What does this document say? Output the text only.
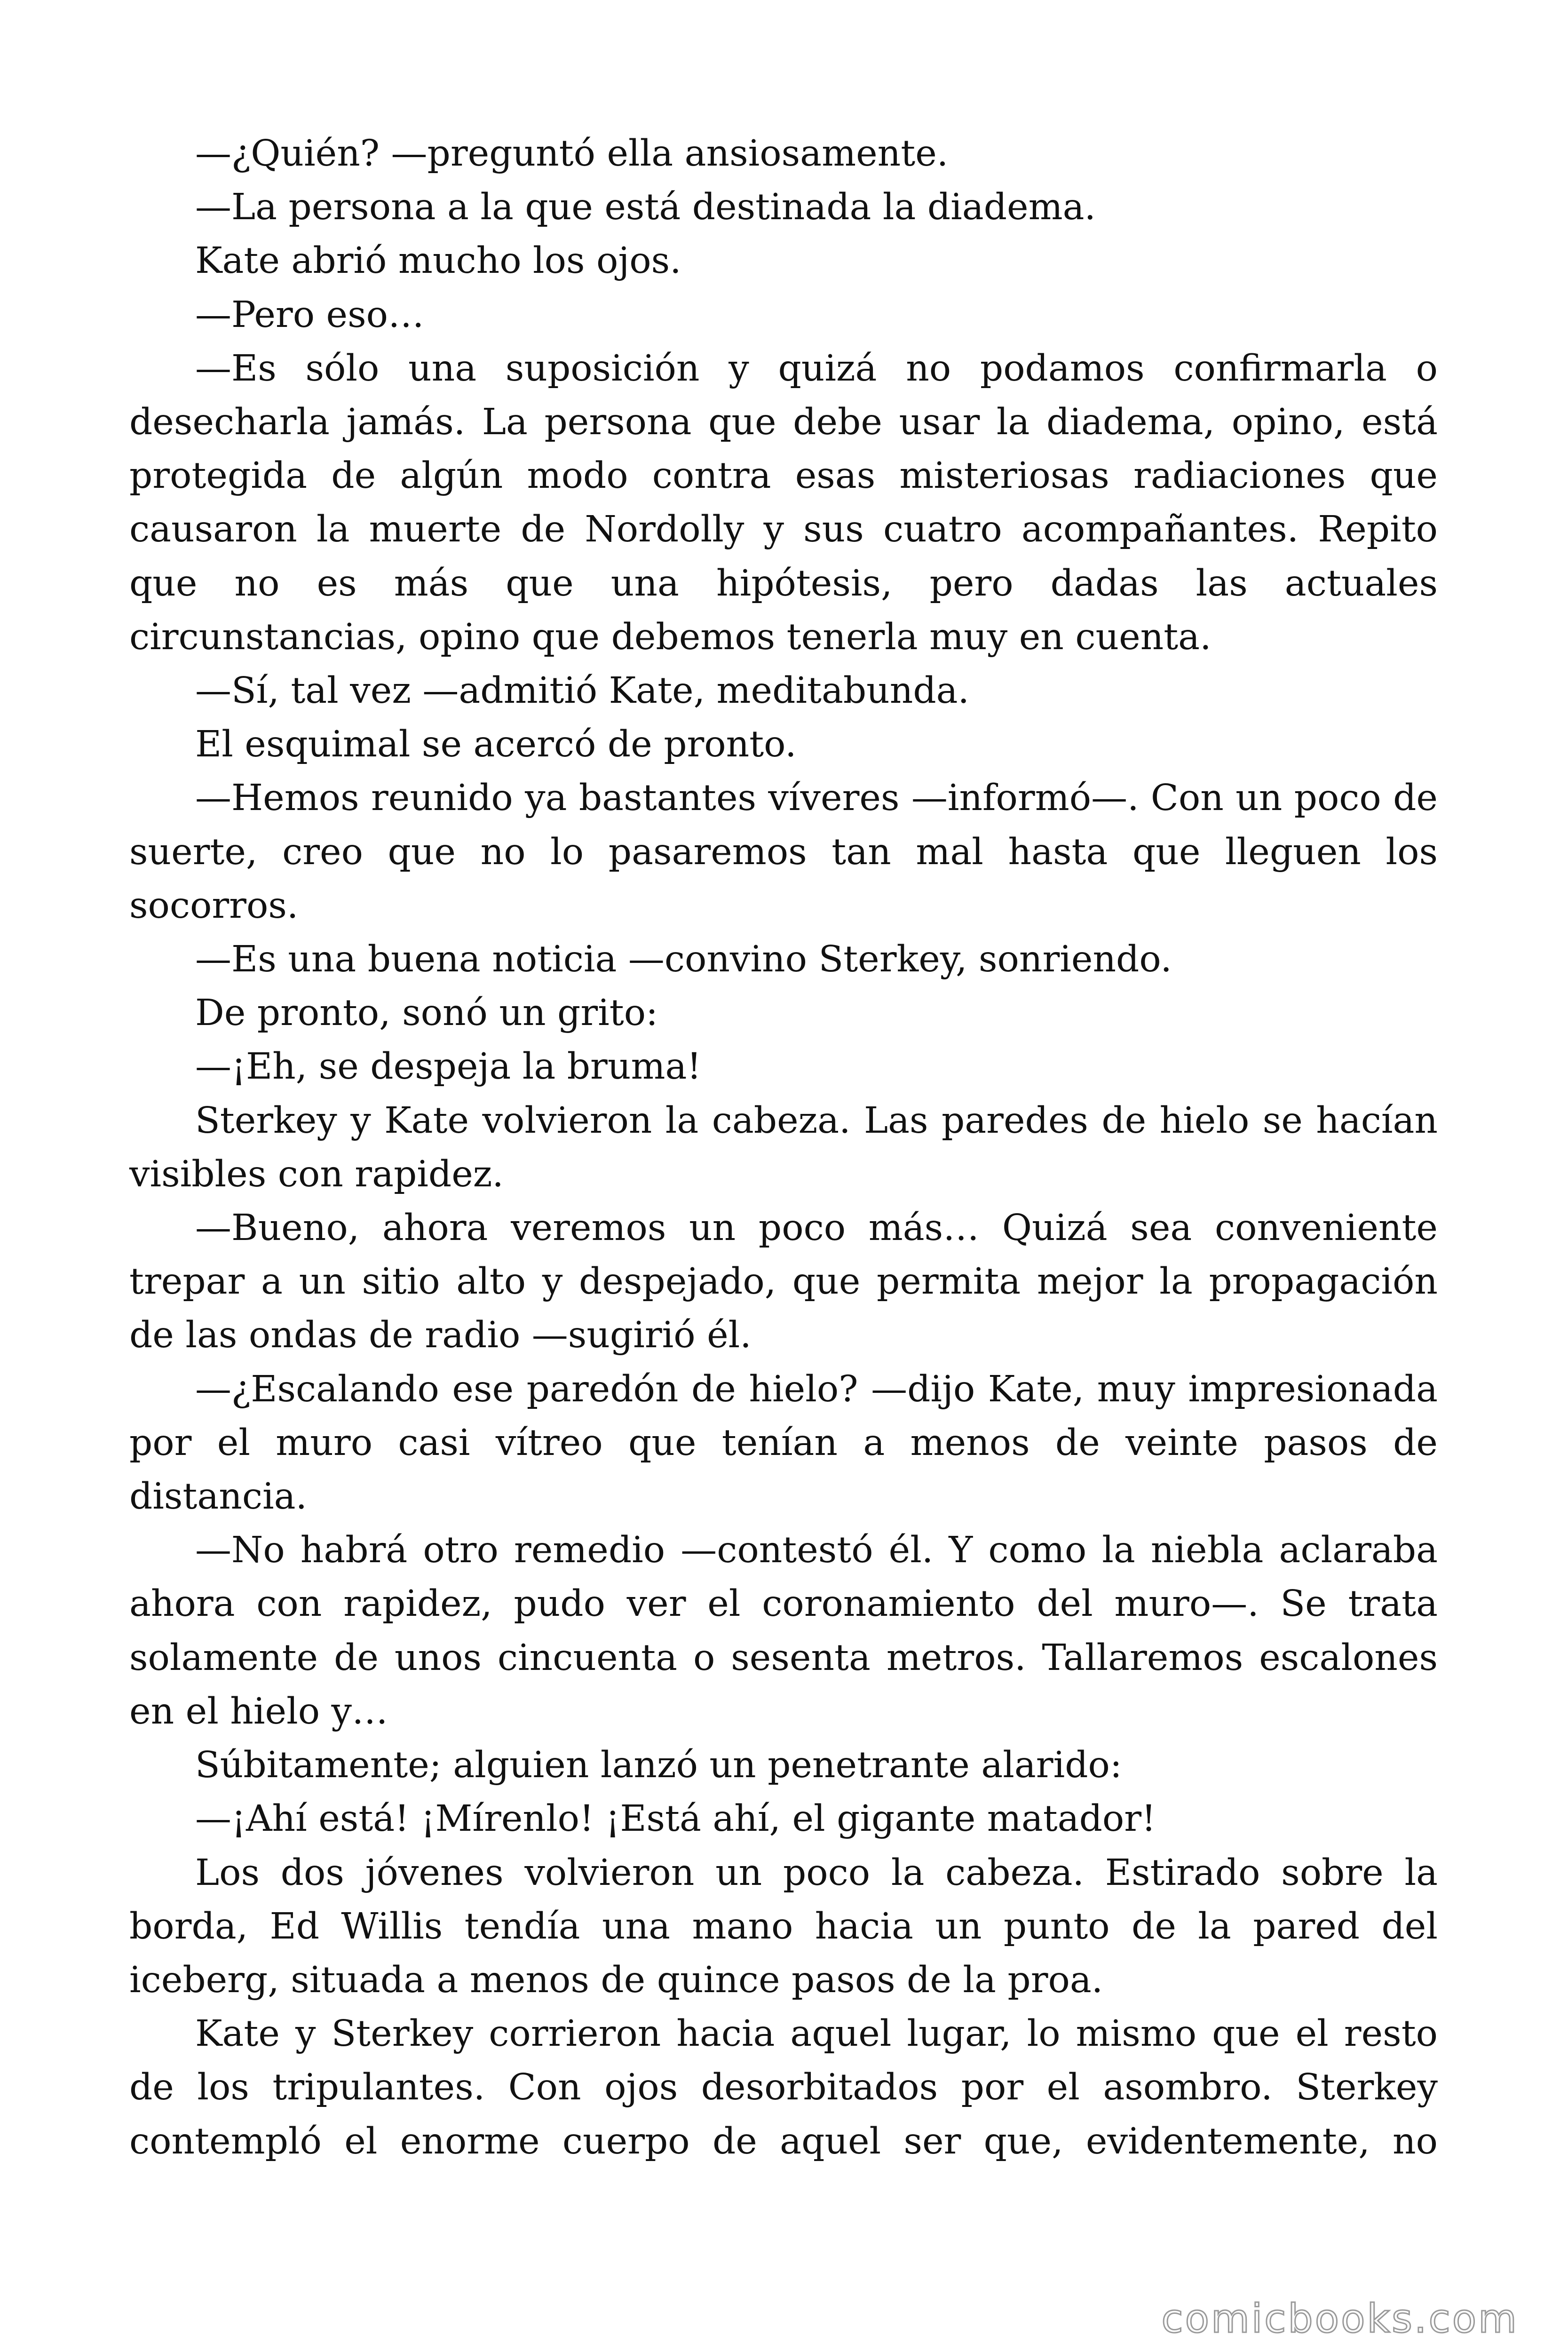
—¿Quién? —preguntó ella ansiosamente.

—La persona a la que está destinada la diadema.

Kate abrió mucho los ojos.

—Pero eso…

—Es sólo una suposición y quizá no podamos confirmarla o desecharla jamás. La persona que debe usar la diadema, opino, está protegida de algún modo contra esas misteriosas radiaciones que causaron la muerte de Nordolly y sus cuatro acompañantes. Repito que no es más que una hipótesis, pero dadas las actuales circunstancias, opino que debemos tenerla muy en cuenta.

—Sí, tal vez —admitió Kate, meditabunda.

El esquimal se acercó de pronto.

—Hemos reunido ya bastantes víveres —informó—. Con un poco de suerte, creo que no lo pasaremos tan mal hasta que lleguen los socorros.

—Es una buena noticia —convino Sterkey, sonriendo.

De pronto, sonó un grito:

—¡Eh, se despeja la bruma!

Sterkey y Kate volvieron la cabeza. Las paredes de hielo se hacían visibles con rapidez.

—Bueno, ahora veremos un poco más… Quizá sea conveniente trepar a un sitio alto y despejado, que permita mejor la propagación de las ondas de radio —sugirió él.

—¿Escalando ese paredón de hielo? —dijo Kate, muy impresionada por el muro casi vítreo que tenían a menos de veinte pasos de distancia.

—No habrá otro remedio —contestó él. Y como la niebla aclaraba ahora con rapidez, pudo ver el coronamiento del muro—. Se trata solamente de unos cincuenta o sesenta metros. Tallaremos escalones en el hielo y…

Súbitamente; alguien lanzó un penetrante alarido:

—¡Ahí está! ¡Mírenlo! ¡Está ahí, el gigante matador!

Los dos jóvenes volvieron un poco la cabeza. Estirado sobre la borda, Ed Willis tendía una mano hacia un punto de la pared del iceberg, situada a menos de quince pasos de la proa.

Kate y Sterkey corrieron hacia aquel lugar, lo mismo que el resto de los tripulantes. Con ojos desorbitados por el asombro. Sterkey contempló el enorme cuerpo de aquel ser que, evidentemente, no

comicbooks.com
